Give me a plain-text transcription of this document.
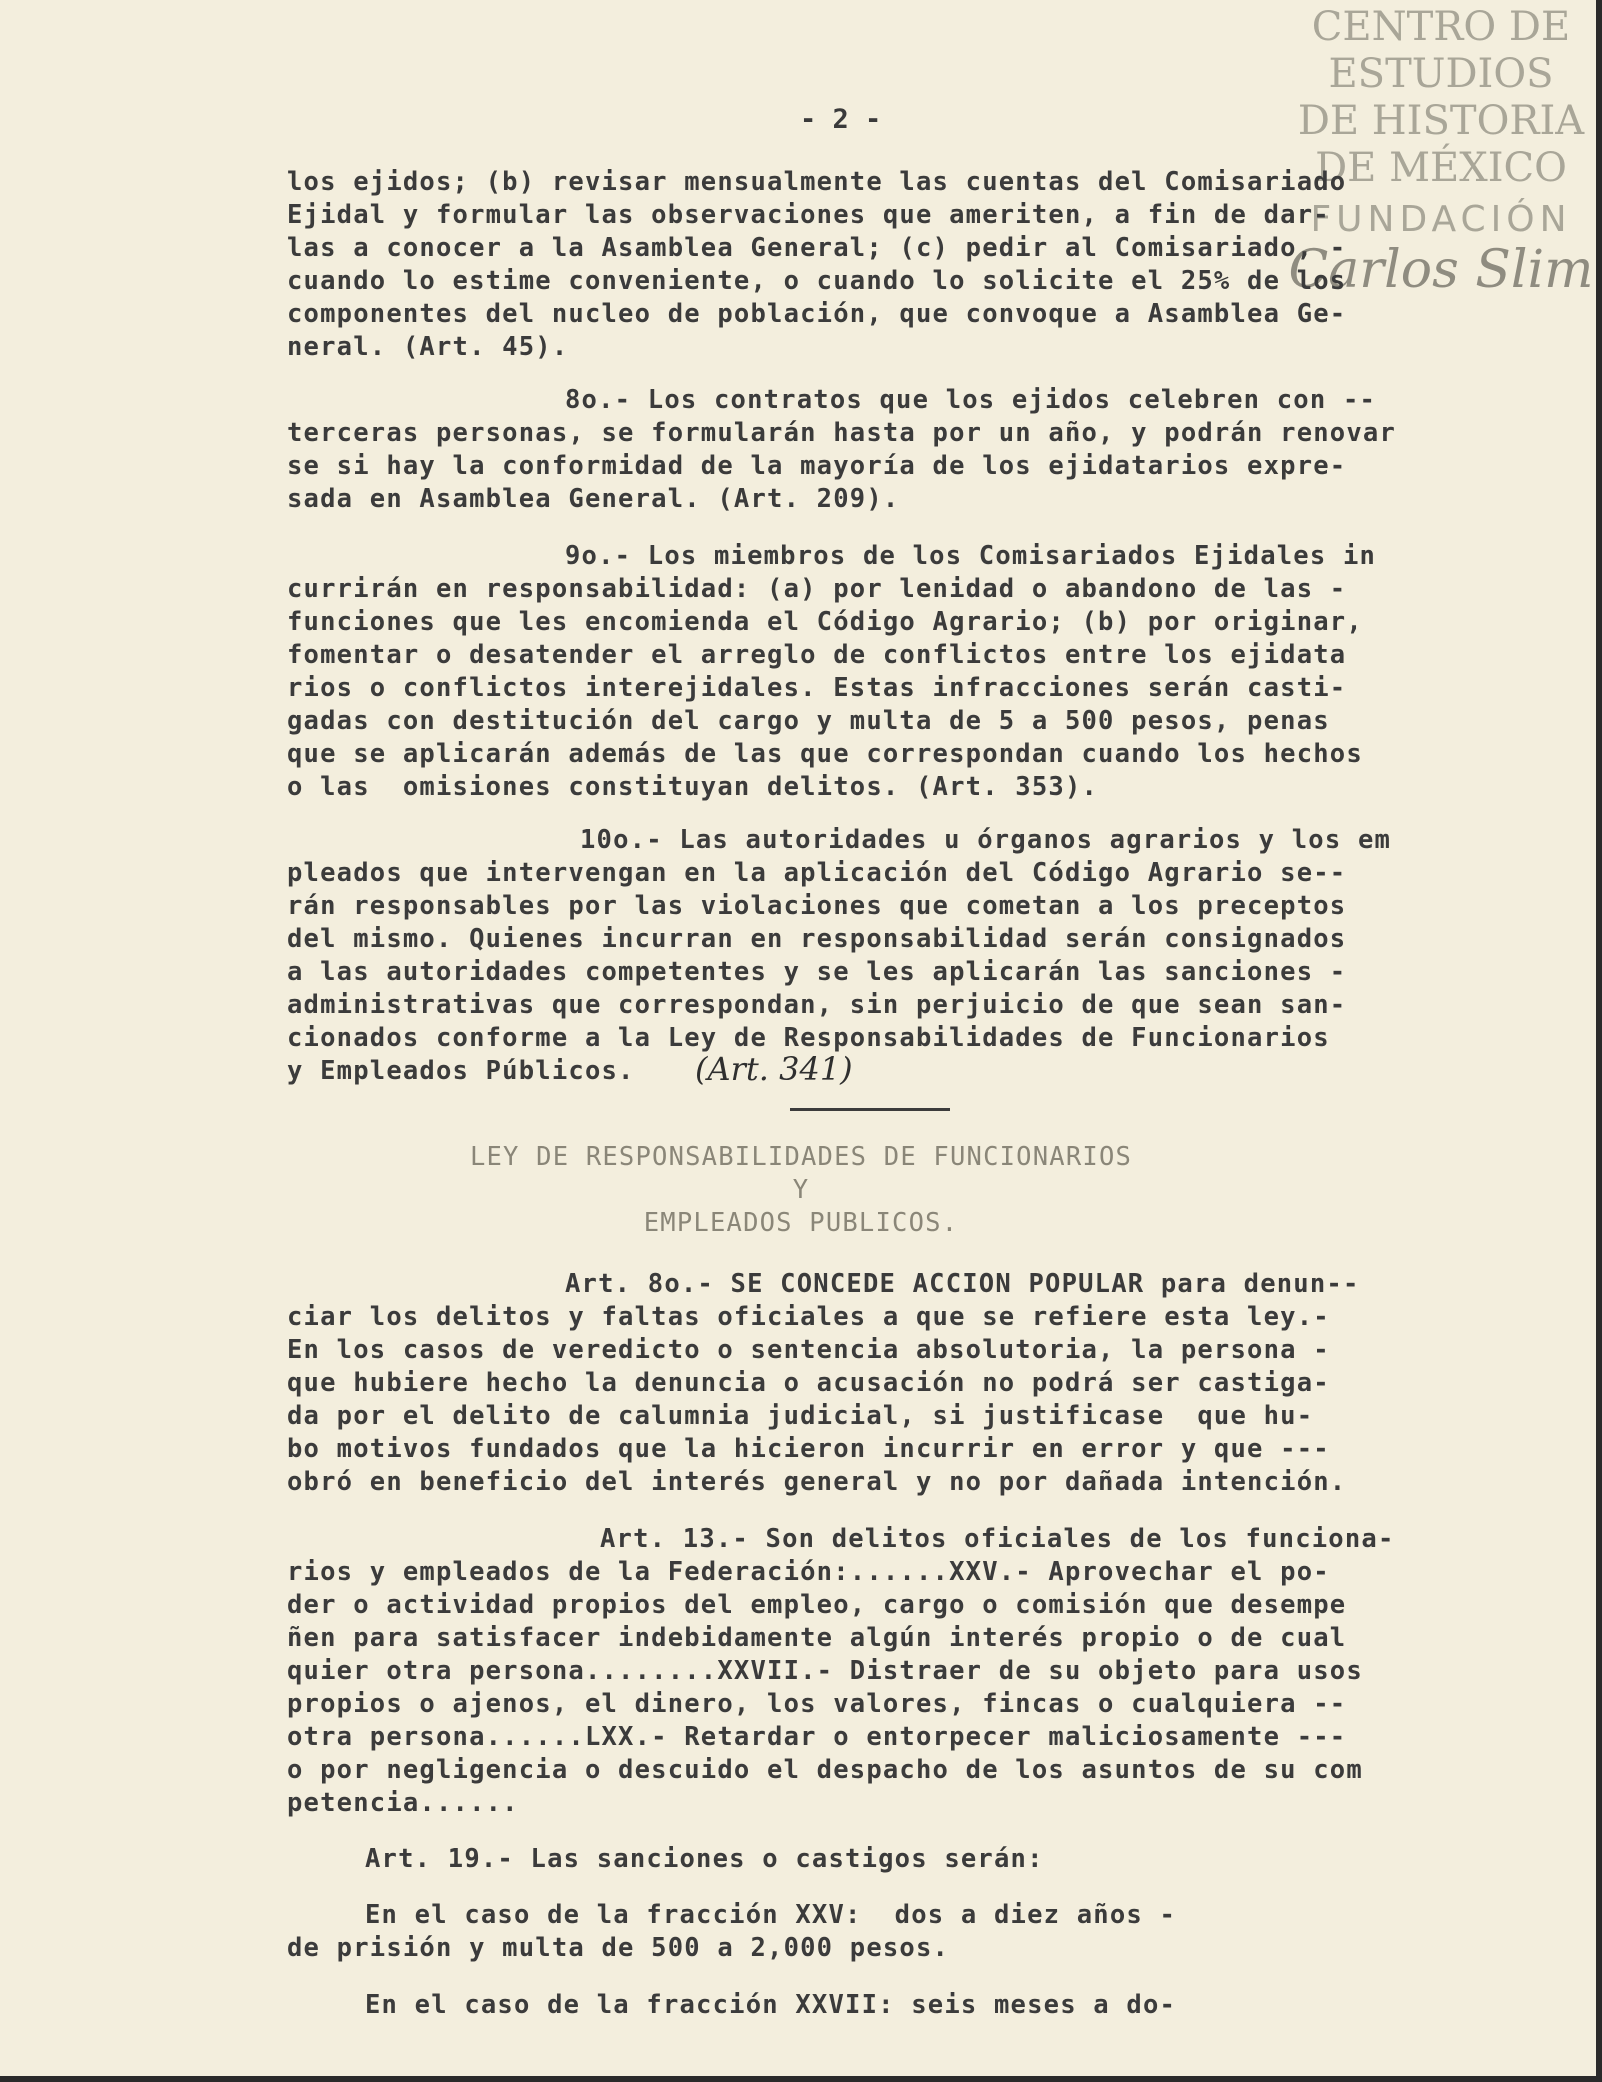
CENTRO DE
ESTUDIOS
DE HISTORIA
DE MÉXICO
FUNDACIÓN
Carlos Slim
- 2 -
los ejidos; (b) revisar mensualmente las cuentas del Comisariado
Ejidal y formular las observaciones que ameriten, a fin de dar-
las a conocer a la Asamblea General; (c) pedir al Comisariado, -
cuando lo estime conveniente, o cuando lo solicite el 25% de los
componentes del nucleo de población, que convoque a Asamblea Ge-
neral. (Art. 45).
8o.- Los contratos que los ejidos celebren con --
terceras personas, se formularán hasta por un año, y podrán renovar
se si hay la conformidad de la mayoría de los ejidatarios expre-
sada en Asamblea General. (Art. 209).
9o.- Los miembros de los Comisariados Ejidales in
currirán en responsabilidad: (a) por lenidad o abandono de las -
funciones que les encomienda el Código Agrario; (b) por originar,
fomentar o desatender el arreglo de conflictos entre los ejidata
rios o conflictos interejidales. Estas infracciones serán casti-
gadas con destitución del cargo y multa de 5 a 500 pesos, penas
que se aplicarán además de las que correspondan cuando los hechos
o las  omisiones constituyan delitos. (Art. 353).
10o.- Las autoridades u órganos agrarios y los em
pleados que intervengan en la aplicación del Código Agrario se--
rán responsables por las violaciones que cometan a los preceptos
del mismo. Quienes incurran en responsabilidad serán consignados
a las autoridades competentes y se les aplicarán las sanciones -
administrativas que correspondan, sin perjuicio de que sean san-
cionados conforme a la Ley de Responsabilidades de Funcionarios
y Empleados Públicos. (Art. 341)
LEY DE RESPONSABILIDADES DE FUNCIONARIOS
Y
EMPLEADOS PUBLICOS.
Art. 8o.- SE CONCEDE ACCION POPULAR para denun--
ciar los delitos y faltas oficiales a que se refiere esta ley.-
En los casos de veredicto o sentencia absolutoria, la persona -
que hubiere hecho la denuncia o acusación no podrá ser castiga-
da por el delito de calumnia judicial, si justificase  que hu-
bo motivos fundados que la hicieron incurrir en error y que ---
obró en beneficio del interés general y no por dañada intención.
Art. 13.- Son delitos oficiales de los funciona-
rios y empleados de la Federación:......XXV.- Aprovechar el po-
der o actividad propios del empleo, cargo o comisión que desempe
ñen para satisfacer indebidamente algún interés propio o de cual
quier otra persona........XXVII.- Distraer de su objeto para usos
propios o ajenos, el dinero, los valores, fincas o cualquiera --
otra persona......LXX.- Retardar o entorpecer maliciosamente ---
o por negligencia o descuido el despacho de los asuntos de su com
petencia......
Art. 19.- Las sanciones o castigos serán:
En el caso de la fracción XXV:  dos a diez años -
de prisión y multa de 500 a 2,000 pesos.
En el caso de la fracción XXVII: seis meses a do-
